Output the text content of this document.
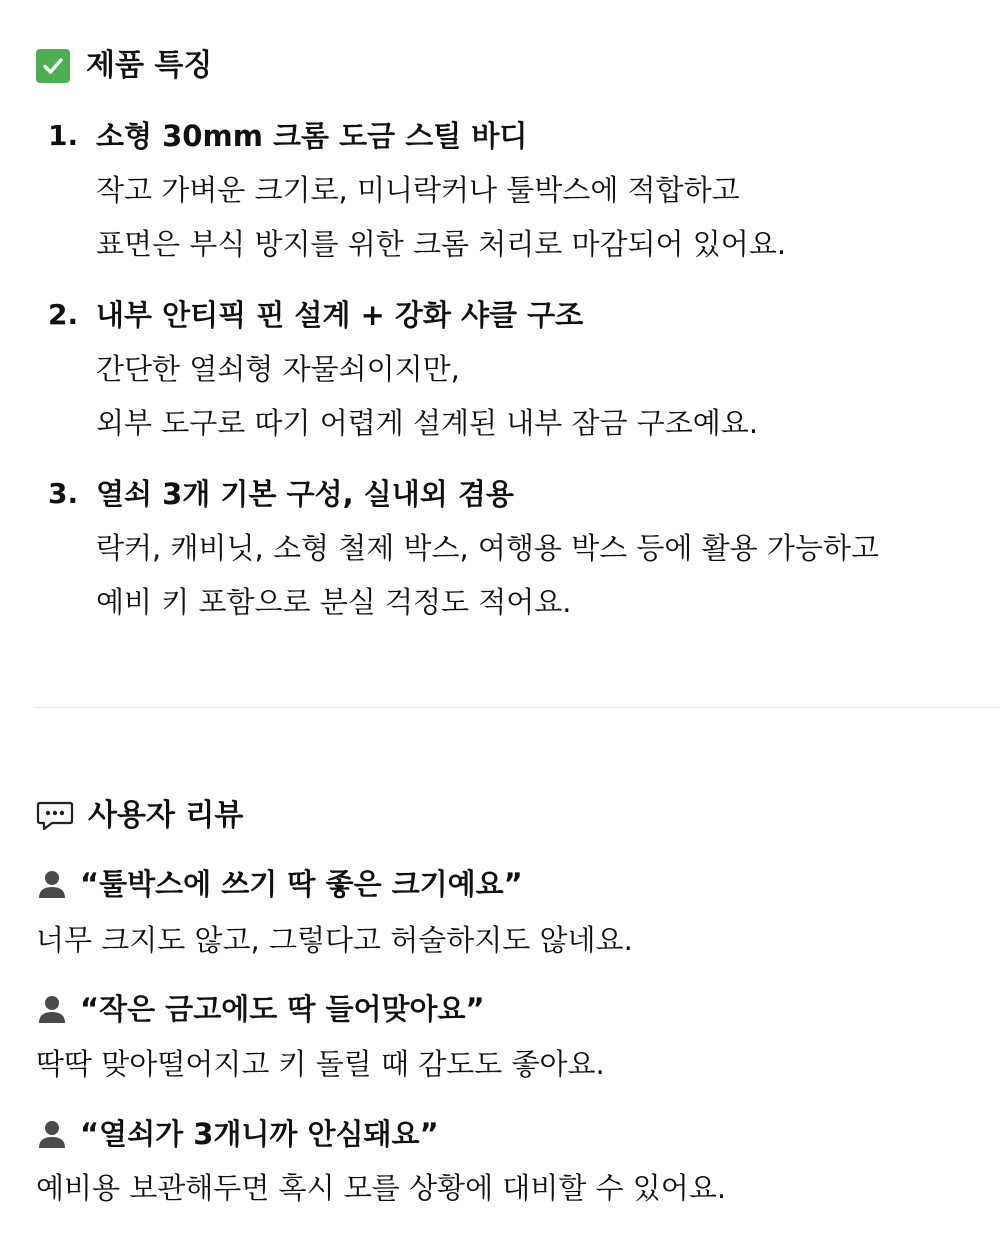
제품 특징
1. 소형 30mm 크롬 도금 스틸 바디
작고 가벼운 크기로, 미니락커나 툴박스에 적합하고
표면은 부식 방지를 위한 크롬 처리로 마감되어 있어요.
2. 내부 안티픽 핀 설계 + 강화 샤클 구조
간단한 열쇠형 자물쇠이지만,
외부 도구로 따기 어렵게 설계된 내부 잠금 구조예요.
3. 열쇠 3개 기본 구성, 실내외 겸용
락커, 캐비닛, 소형 철제 박스, 여행용 박스 등에 활용 가능하고
예비 키 포함으로 분실 걱정도 적어요.
사용자 리뷰
“툴박스에 쓰기 딱 좋은 크기예요”
너무 크지도 않고, 그렇다고 허술하지도 않네요.
“작은 금고에도 딱 들어맞아요”
딱딱 맞아떨어지고 키 돌릴 때 감도도 좋아요.
“열쇠가 3개니까 안심돼요”
예비용 보관해두면 혹시 모를 상황에 대비할 수 있어요.
